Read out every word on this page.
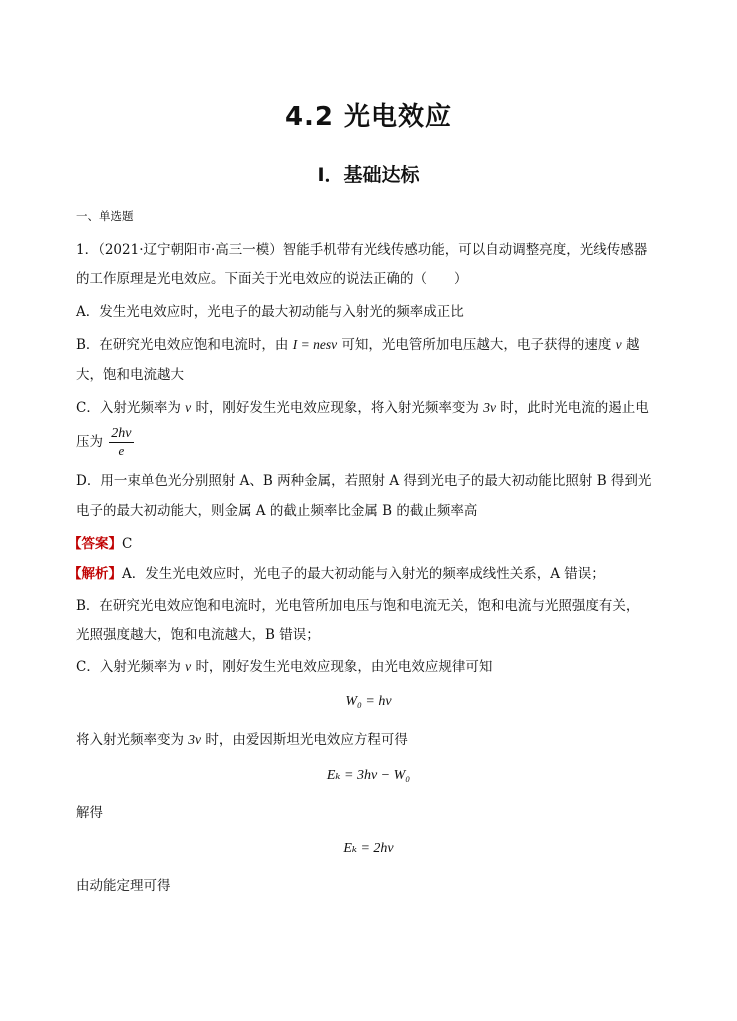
4.2 光电效应
Ⅰ．基础达标
一、单选题
1．（2021·辽宁朝阳市·高三一模）智能手机带有光线传感功能，可以自动调整亮度，光线传感器
的工作原理是光电效应。下面关于光电效应的说法正确的（　　）
A．发生光电效应时，光电子的最大初动能与入射光的频率成正比
B．在研究光电效应饱和电流时，由 I = nesv 可知，光电管所加电压越大，电子获得的速度 v 越
大，饱和电流越大
C．入射光频率为 ν 时，刚好发生光电效应现象，将入射光频率变为 3ν 时，此时光电流的遏止电
压为 $\frac{2h\nu}{e}$
D．用一束单色光分别照射 A、B 两种金属，若照射 A 得到光电子的最大初动能比照射 B 得到光
电子的最大初动能大，则金属 A 的截止频率比金属 B 的截止频率高
【答案】C
【解析】A．发生光电效应时，光电子的最大初动能与入射光的频率成线性关系，A 错误；
B．在研究光电效应饱和电流时，光电管所加电压与饱和电流无关，饱和电流与光照强度有关，
光照强度越大，饱和电流越大，B 错误；
C．入射光频率为 ν 时，刚好发生光电效应现象，由光电效应规律可知
W₀ = hν
将入射光频率变为 3ν 时，由爱因斯坦光电效应方程可得
Eₖ = 3hν − W₀
解得
Eₖ = 2hν
由动能定理可得
